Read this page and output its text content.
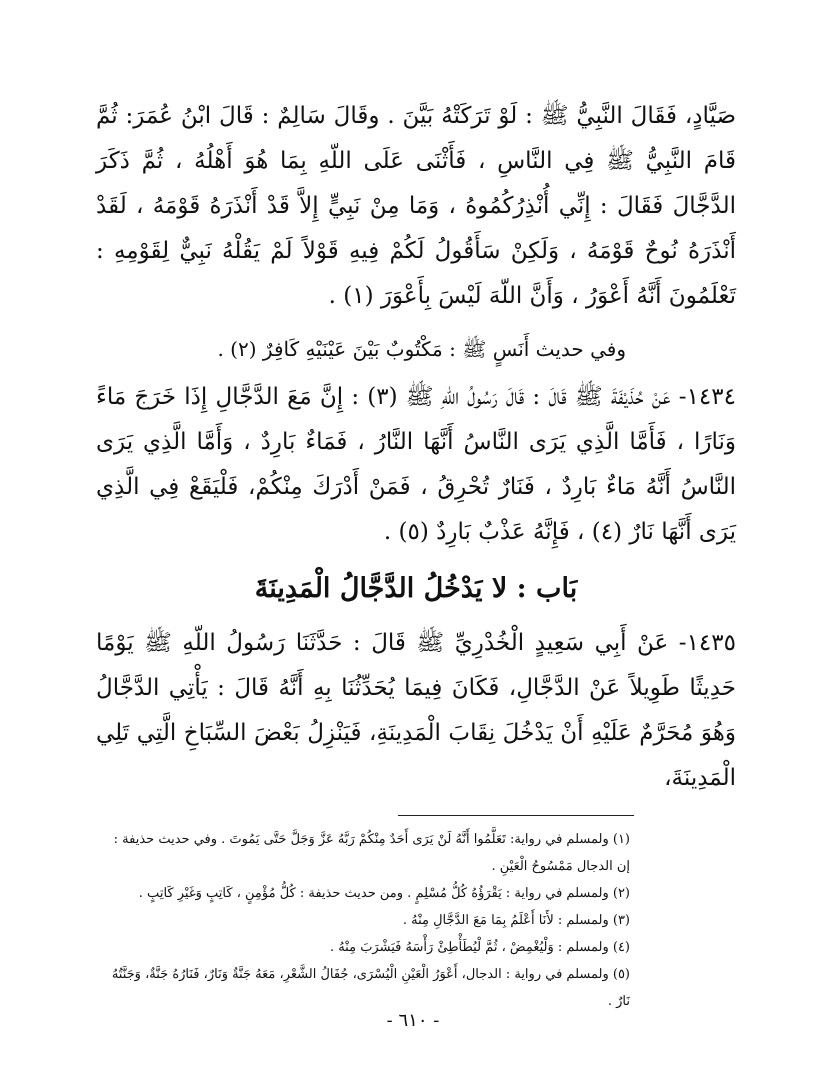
صَيَّادٍ، فَقَالَ النَّبِيُّ ﷺ : لَوْ تَرَكَتْهُ بَيَّنَ . وقَالَ سَالِمٌ : قَالَ ابْنُ عُمَرَ: ثُمَّ قَامَ النَّبِيُّ ﷺ فِي النَّاسِ ، فَأَثْنَى عَلَى اللّهِ بِمَا هُوَ أَهْلُهُ ، ثُمَّ ذَكَرَ الدَّجَّالَ فَقَالَ : إِنِّي أُنْذِرُكُمُوهُ ، وَمَا مِنْ نَبِيٍّ إِلاَّ قَدْ أَنْذَرَهُ قَوْمَهُ ، لَقَدْ أَنْذَرَهُ نُوحٌ قَوْمَهُ ، وَلَكِنْ سَأَقُولُ لَكُمْ فِيهِ قَوْلاً لَمْ يَقُلْهُ نَبِيٌّ لِقَوْمِهِ : تَعْلَمُونَ أَنَّهُ أَعْوَرُ ، وَأَنَّ اللّهَ لَيْسَ بِأَعْوَرَ (١) .

وفي حديث أَنَسٍ ﷺ : مَكْتُوبٌ بَيْنَ عَيْنَيْهِ كَافِرٌ (٢) .

١٤٣٤- عَنْ حُذَيْفَةَ ﷺ قَالَ : قَالَ رَسُولُ اللّهِ ﷺ (٣) : إِنَّ مَعَ الدَّجَّالِ إِذَا خَرَجَ مَاءً وَنَارًا ، فَأَمَّا الَّذِي يَرَى النَّاسُ أَنَّهَا النَّارُ ، فَمَاءٌ بَارِدٌ ، وَأَمَّا الَّذِي يَرَى النَّاسُ أَنَّهُ مَاءٌ بَارِدٌ ، فَنَارٌ تُحْرِقُ ، فَمَنْ أَدْرَكَ مِنْكُمْ، فَلْيَقَعْ فِي الَّذِي يَرَى أَنَّهَا نَارٌ (٤) ، فَإِنَّهُ عَذْبٌ بَارِدٌ (٥) .

بَاب : لا يَدْخُلُ الدَّجَّالُ الْمَدِينَةَ

١٤٣٥- عَنْ أَبِي سَعِيدٍ الْخُدْرِيِّ ﷺ قَالَ : حَدَّثَنَا رَسُولُ اللّهِ ﷺ يَوْمًا حَدِيثًا طَوِيلاً عَنْ الدَّجَّالِ، فَكَانَ فِيمَا يُحَدِّثُنَا بِهِ أَنَّهُ قَالَ : يَأْتِي الدَّجَّالُ وَهُوَ مُحَرَّمٌ عَلَيْهِ أَنْ يَدْخُلَ نِقَابَ الْمَدِينَةِ، فَيَنْزِلُ بَعْضَ السِّبَاخِ الَّتِي تَلِي الْمَدِينَةَ،

(١) ولمسلم في رواية: تَعَلَّمُوا أَنَّهُ لَنْ يَرَى أَحَدٌ مِنْكُمْ رَبَّهُ عَزَّ وَجَلَّ حَتَّى يَمُوتَ . وفي حديث حذيفة : إن الدجال مَمْسُوحُ الْعَيْنِ .

(٢) ولمسلم في رواية : يَقْرَؤُهُ كُلُّ مُسْلِمٍ . ومن حديث حذيفة : كُلُّ مُؤْمِنٍ ، كَاتِبٍ وَغَيْرِ كَاتِبٍ .

(٣) ولمسلم : لأَنَا أَعْلَمُ بِمَا مَعَ الدَّجَّالِ مِنْهُ .

(٤) ولمسلم : وَلْيُغْمِضْ ، ثُمَّ لْيُطَأْطِئْ رَأْسَهُ فَيَشْرَبَ مِنْهُ .

(٥) ولمسلم في رواية : الدجال، أَعْوَرُ الْعَيْنِ الْيُسْرَى، جُفَالُ الشَّعْرِ، مَعَهُ جَنَّةٌ وَنَارٌ، فَنَارُهُ جَنَّةٌ، وَجَنَّتُهُ نَارٌ .

- ٦١٠ -
